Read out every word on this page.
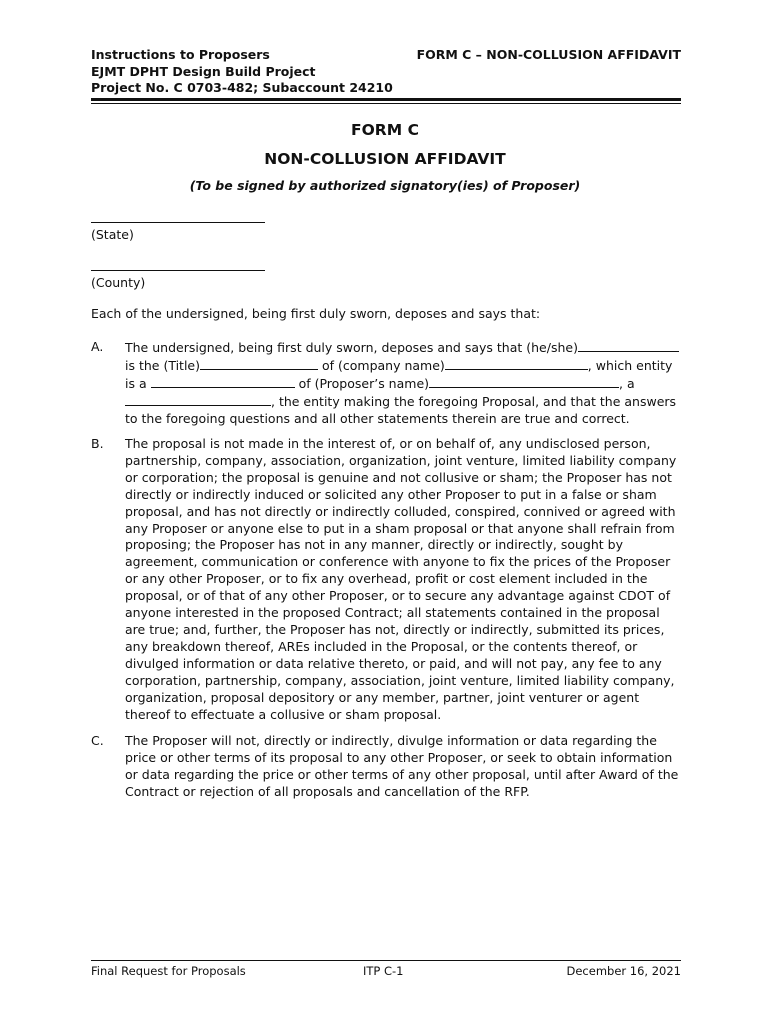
Instructions to Proposers
EJMT DPHT Design Build Project
Project No. C 0703-482; Subaccount 24210
FORM C – NON-COLLUSION AFFIDAVIT
FORM C
NON-COLLUSION AFFIDAVIT
(To be signed by authorized signatory(ies) of Proposer)
(State)
(County)
Each of the undersigned, being first duly sworn, deposes and says that:
A. The undersigned, being first duly sworn, deposes and says that (he/she)
is the (Title)	of (company name)	, which entity
is a	of (Proposer’s name)	, a
, the entity making the foregoing Proposal, and that the answers
to the foregoing questions and all other statements therein are true and correct.
B. The proposal is not made in the interest of, or on behalf of, any undisclosed person, partnership, company, association, organization, joint venture, limited liability company or corporation; the proposal is genuine and not collusive or sham; the Proposer has not directly or indirectly induced or solicited any other Proposer to put in a false or sham proposal, and has not directly or indirectly colluded, conspired, connived or agreed with any Proposer or anyone else to put in a sham proposal or that anyone shall refrain from proposing; the Proposer has not in any manner, directly or indirectly, sought by agreement, communication or conference with anyone to fix the prices of the Proposer or any other Proposer, or to fix any overhead, profit or cost element included in the proposal, or of that of any other Proposer, or to secure any advantage against CDOT of anyone interested in the proposed Contract; all statements contained in the proposal are true; and, further, the Proposer has not, directly or indirectly, submitted its prices, any breakdown thereof, AREs included in the Proposal, or the contents thereof, or divulged information or data relative thereto, or paid, and will not pay, any fee to any corporation, partnership, company, association, joint venture, limited liability company, organization, proposal depository or any member, partner, joint venturer or agent thereof to effectuate a collusive or sham proposal.
C. The Proposer will not, directly or indirectly, divulge information or data regarding the price or other terms of its proposal to any other Proposer, or seek to obtain information or data regarding the price or other terms of any other proposal, until after Award of the Contract or rejection of all proposals and cancellation of the RFP.
Final Request for Proposals	ITP C-1	December 16, 2021
